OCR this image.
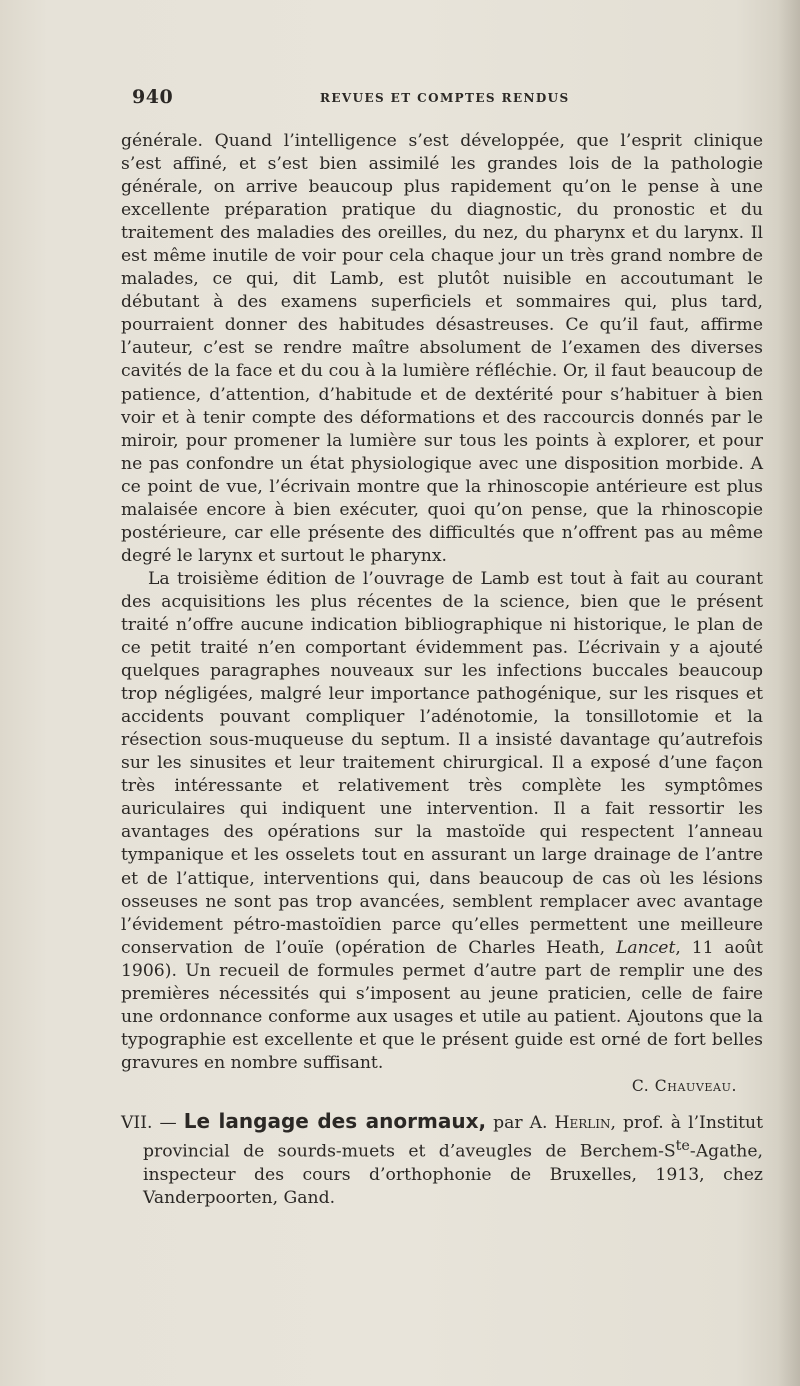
940	REVUES ET COMPTES RENDUS

générale. Quand l’intelligence s’est développée, que l’esprit clinique s’est affiné, et s’est bien assimilé les grandes lois de la pathologie générale, on arrive beaucoup plus rapidement qu’on le pense à une excellente préparation pratique du diagnostic, du pronostic et du traitement des maladies des oreilles, du nez, du pharynx et du larynx. Il est même inutile de voir pour cela chaque jour un très grand nombre de malades, ce qui, dit Lamb, est plutôt nuisible en accoutumant le débutant à des examens superficiels et sommaires qui, plus tard, pourraient donner des habitudes désastreuses. Ce qu’il faut, affirme l’auteur, c’est se rendre maître absolument de l’examen des diverses cavités de la face et du cou à la lumière réfléchie. Or, il faut beaucoup de patience, d’attention, d’habitude et de dextérité pour s’habituer à bien voir et à tenir compte des déformations et des raccourcis donnés par le miroir, pour promener la lumière sur tous les points à explorer, et pour ne pas confondre un état physiologique avec une disposition morbide. A ce point de vue, l’écrivain montre que la rhinoscopie antérieure est plus malaisée encore à bien exécuter, quoi qu’on pense, que la rhinoscopie postérieure, car elle présente des difficultés que n’offrent pas au même degré le larynx et surtout le pharynx.

La troisième édition de l’ouvrage de Lamb est tout à fait au courant des acquisitions les plus récentes de la science, bien que le présent traité n’offre aucune indication bibliographique ni historique, le plan de ce petit traité n’en comportant évidemment pas. L’écrivain y a ajouté quelques paragraphes nouveaux sur les infections buccales beaucoup trop négligées, malgré leur importance pathogénique, sur les risques et accidents pouvant compliquer l’adénotomie, la tonsillotomie et la résection sous-muqueuse du septum. Il a insisté davantage qu’autrefois sur les sinusites et leur traitement chirurgical. Il a exposé d’une façon très intéressante et relativement très complète les symptômes auriculaires qui indiquent une intervention. Il a fait ressortir les avantages des opérations sur la mastoïde qui respectent l’anneau tympanique et les osselets tout en assurant un large drainage de l’antre et de l’attique, interventions qui, dans beaucoup de cas où les lésions osseuses ne sont pas trop avancées, semblent remplacer avec avantage l’évidement pétro-mastoïdien parce qu’elles permettent une meilleure conservation de l’ouïe (opération de Charles Heath, Lancet, 11 août 1906). Un recueil de formules permet d’autre part de remplir une des premières nécessités qui s’imposent au jeune praticien, celle de faire une ordonnance conforme aux usages et utile au patient. Ajoutons que la typographie est excellente et que le présent guide est orné de fort belles gravures en nombre suffisant.

C. Chauveau.

VII. — Le langage des anormaux, par A. Herlin, prof. à l’Institut provincial de sourds-muets et d’aveugles de Berchem-$S^{te}$-Agathe, inspecteur des cours d’orthophonie de Bruxelles, 1913, chez Vanderpoorten, Gand.
